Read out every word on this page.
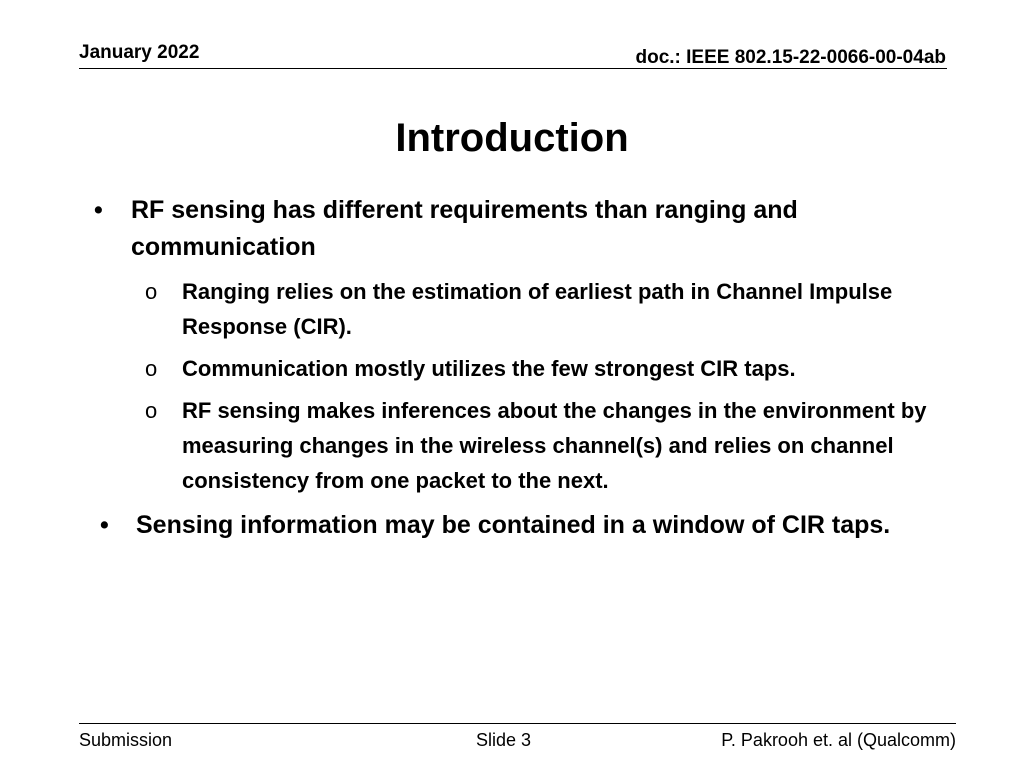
January 2022	doc.: IEEE 802.15-22-0066-00-04ab
Introduction
• RF sensing has different requirements than ranging and communication
o Ranging relies on the estimation of earliest path in Channel Impulse Response (CIR).
o Communication mostly utilizes the few strongest CIR taps.
o RF sensing makes inferences about the changes in the environment by measuring changes in the wireless channel(s) and relies on channel consistency from one packet to the next.
• Sensing information may be contained in a window of CIR taps.
Submission	Slide 3	P. Pakrooh et. al (Qualcomm)
